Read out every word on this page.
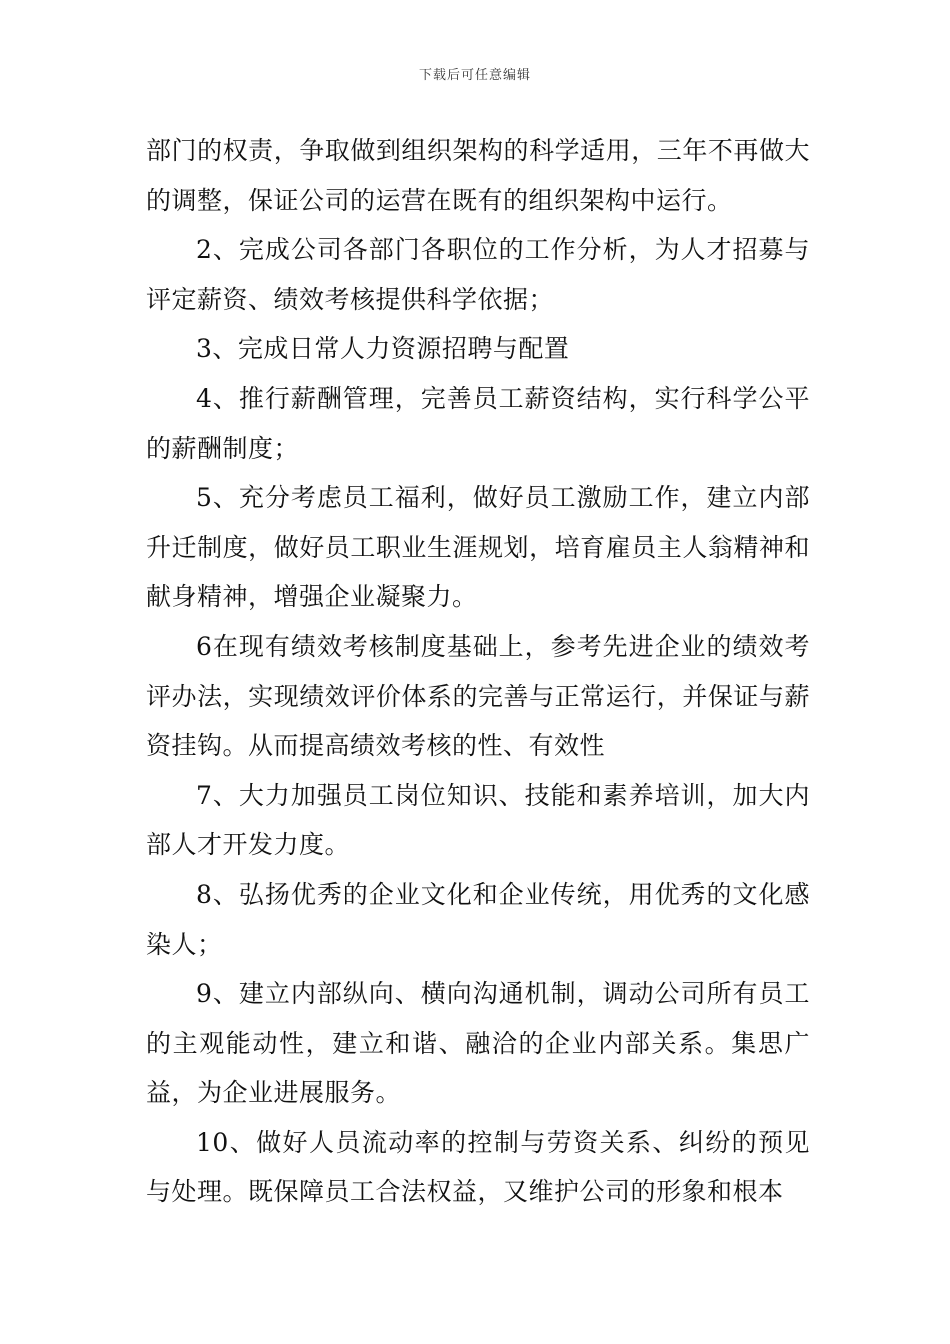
下载后可任意编辑

部门的权责，争取做到组织架构的科学适用，三年不再做大的调整，保证公司的运营在既有的组织架构中运行。

2、完成公司各部门各职位的工作分析，为人才招募与评定薪资、绩效考核提供科学依据；

3、完成日常人力资源招聘与配置

4、推行薪酬管理，完善员工薪资结构，实行科学公平的薪酬制度；

5、充分考虑员工福利，做好员工激励工作，建立内部升迁制度，做好员工职业生涯规划，培育雇员主人翁精神和献身精神，增强企业凝聚力。

6在现有绩效考核制度基础上，参考先进企业的绩效考评办法，实现绩效评价体系的完善与正常运行，并保证与薪资挂钩。从而提高绩效考核的性、有效性

7、大力加强员工岗位知识、技能和素养培训，加大内部人才开发力度。

8、弘扬优秀的企业文化和企业传统，用优秀的文化感染人；

9、建立内部纵向、横向沟通机制，调动公司所有员工的主观能动性，建立和谐、融洽的企业内部关系。集思广益，为企业进展服务。

10、做好人员流动率的控制与劳资关系、纠纷的预见与处理。既保障员工合法权益，又维护公司的形象和根本
